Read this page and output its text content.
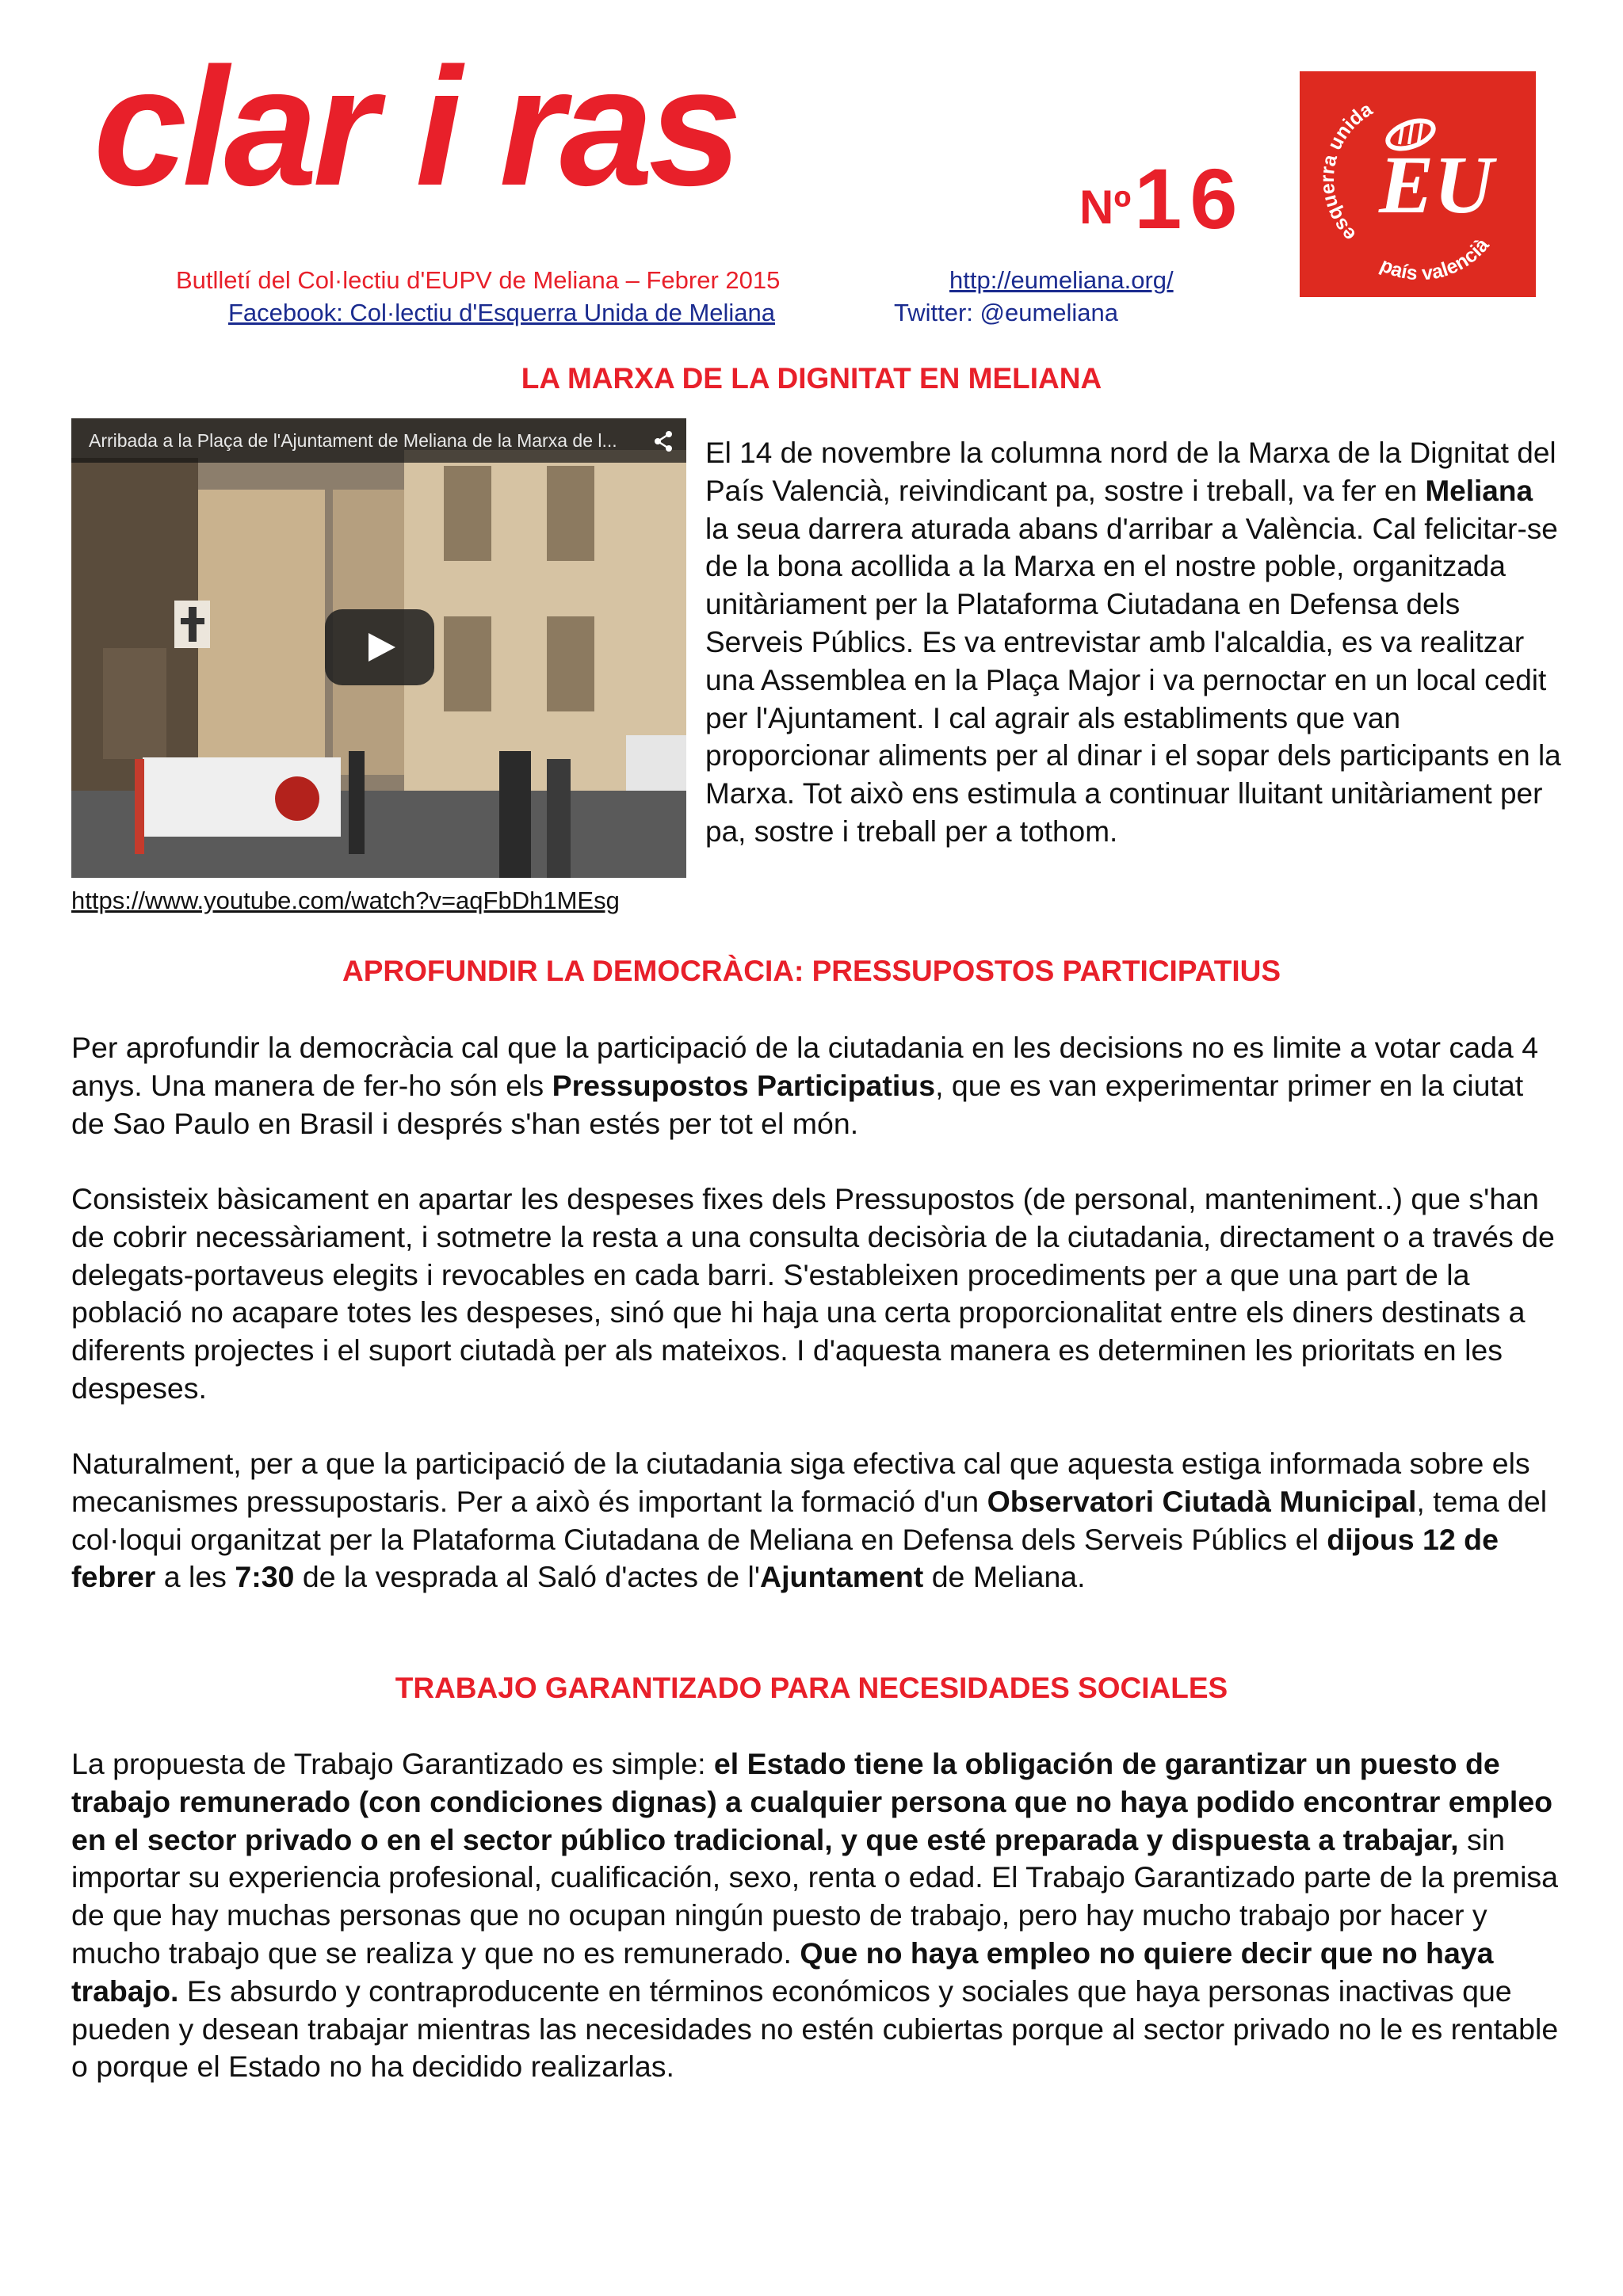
clar i ras	Nº16	esquerra unida
país valencià
EU
Butlletí del Col·lectiu d'EUPV de Meliana – Febrer 2015	http://eumeliana.org/
Facebook: Col·lectiu d'Esquerra Unida de Meliana	Twitter: @eumeliana
LA MARXA DE LA DIGNITAT EN MELIANA
Arribada a la Plaça de l'Ajuntament de Meliana de la Marxa de l...
https://www.youtube.com/watch?v=aqFbDh1MEsg

El 14 de novembre la columna nord de la Marxa de la Dignitat del País Valencià, reivindicant pa, sostre i treball, va fer en Meliana la seua darrera aturada abans d'arribar a València. Cal felicitar-se de la bona acollida a la Marxa en el nostre poble, organitzada unitàriament per la Plataforma Ciutadana en Defensa dels Serveis Públics. Es va entrevistar amb l'alcaldia, es va realitzar una Assemblea en la Plaça Major i va pernoctar en un local cedit per l'Ajuntament. I cal agrair als establiments que van proporcionar aliments per al dinar i el sopar dels participants en la Marxa. Tot això ens estimula a continuar lluitant unitàriament per pa, sostre i treball per a tothom.

APROFUNDIR LA DEMOCRÀCIA: PRESSUPOSTOS PARTICIPATIUS

Per aprofundir la democràcia cal que la participació de la ciutadania en les decisions no es limite a votar cada 4 anys. Una manera de fer-ho són els Pressupostos Participatius, que es van experimentar primer en la ciutat de Sao Paulo en Brasil i després s'han estés per tot el món.

Consisteix bàsicament en apartar les despeses fixes dels Pressupostos (de personal, manteniment..) que s'han de cobrir necessàriament, i sotmetre la resta a una consulta decisòria de la ciutadania, directament o a través de delegats-portaveus elegits i revocables en cada barri. S'estableixen procediments per a que una part de la població no acapare totes les despeses, sinó que hi haja una certa proporcionalitat entre els diners destinats a diferents projectes i el suport ciutadà per als mateixos. I d'aquesta manera es determinen les prioritats en les despeses.

Naturalment, per a que la participació de la ciutadania siga efectiva cal que aquesta estiga informada sobre els mecanismes pressupostaris. Per a això és important la formació d'un Observatori Ciutadà Municipal, tema del col·loqui organitzat per la Plataforma Ciutadana de Meliana en Defensa dels Serveis Públics el dijous 12 de febrer a les 7:30 de la vesprada al Saló d'actes de l'Ajuntament de Meliana.

TRABAJO GARANTIZADO PARA NECESIDADES SOCIALES

La propuesta de Trabajo Garantizado es simple: el Estado tiene la obligación de garantizar un puesto de trabajo remunerado (con condiciones dignas) a cualquier persona que no haya podido encontrar empleo en el sector privado o en el sector público tradicional, y que esté preparada y dispuesta a trabajar, sin importar su experiencia profesional, cualificación, sexo, renta o edad. El Trabajo Garantizado parte de la premisa de que hay muchas personas que no ocupan ningún puesto de trabajo, pero hay mucho trabajo por hacer y mucho trabajo que se realiza y que no es remunerado. Que no haya empleo no quiere decir que no haya trabajo. Es absurdo y contraproducente en términos económicos y sociales que haya personas inactivas que pueden y desean trabajar mientras las necesidades no estén cubiertas porque al sector privado no le es rentable o porque el Estado no ha decidido realizarlas.
